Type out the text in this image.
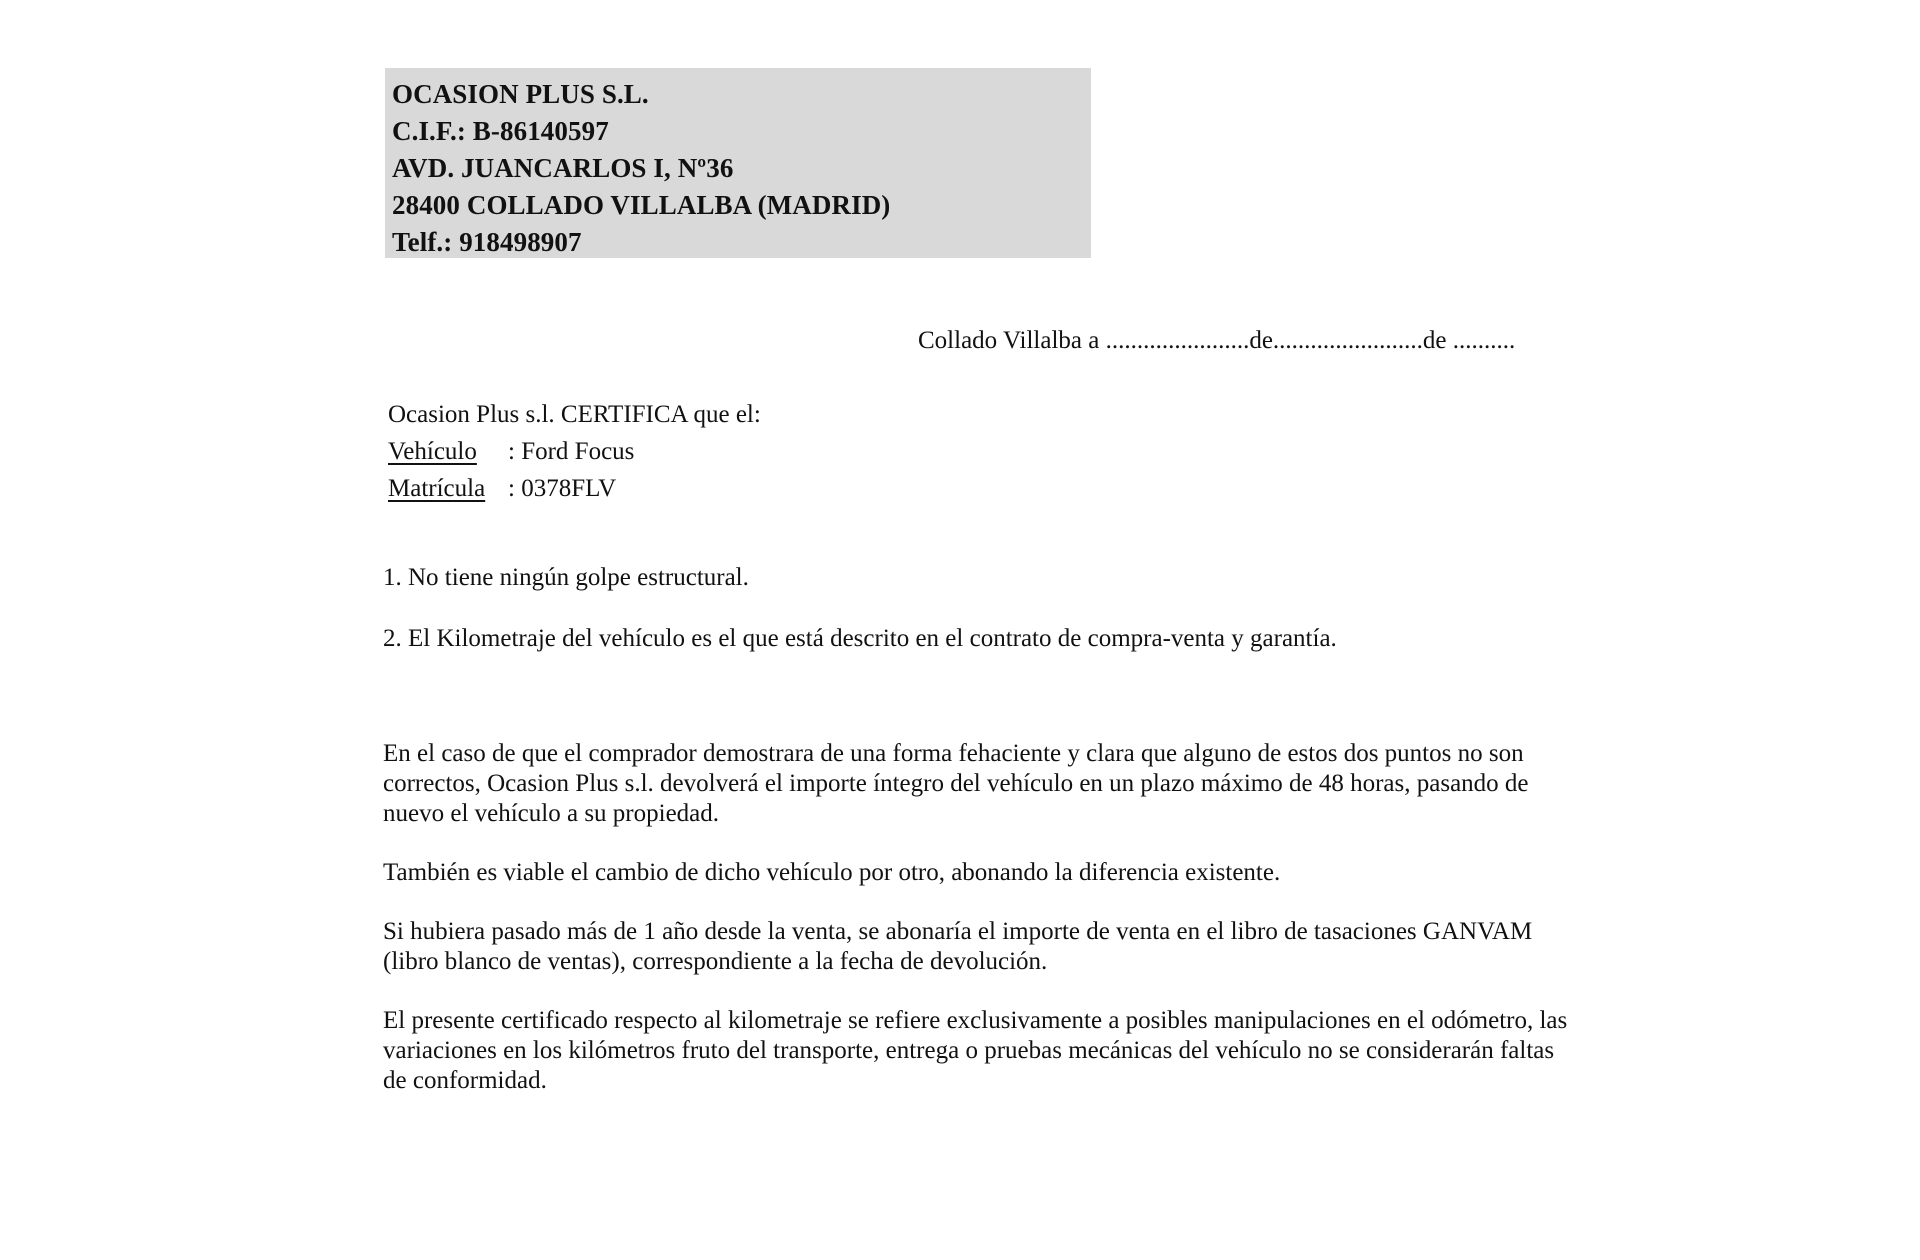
OCASION PLUS S.L.
C.I.F.: B-86140597
AVD. JUANCARLOS I, Nº36
28400 COLLADO VILLALBA (MADRID)
Telf.: 918498907
Collado Villalba a .......................de........................de ..........
Ocasion Plus s.l. CERTIFICA que el:
Vehículo	: Ford Focus
Matrícula : 0378FLV
1. No tiene ningún golpe estructural.
2. El Kilometraje del vehículo es el que está descrito en el contrato de compra-venta y garantía.

En el caso de que el comprador demostrara de una forma fehaciente y clara que alguno de estos dos puntos no son correctos, Ocasion Plus s.l. devolverá el importe íntegro del vehículo en un plazo máximo de 48 horas, pasando de nuevo el vehículo a su propiedad.

También es viable el cambio de dicho vehículo por otro, abonando la diferencia existente.

Si hubiera pasado más de 1 año desde la venta, se abonaría el importe de venta en el libro de tasaciones GANVAM (libro blanco de ventas), correspondiente a la fecha de devolución.

El presente certificado respecto al kilometraje se refiere exclusivamente a posibles manipulaciones en el odómetro, las variaciones en los kilómetros fruto del transporte, entrega o pruebas mecánicas del vehículo no se considerarán faltas de conformidad.
